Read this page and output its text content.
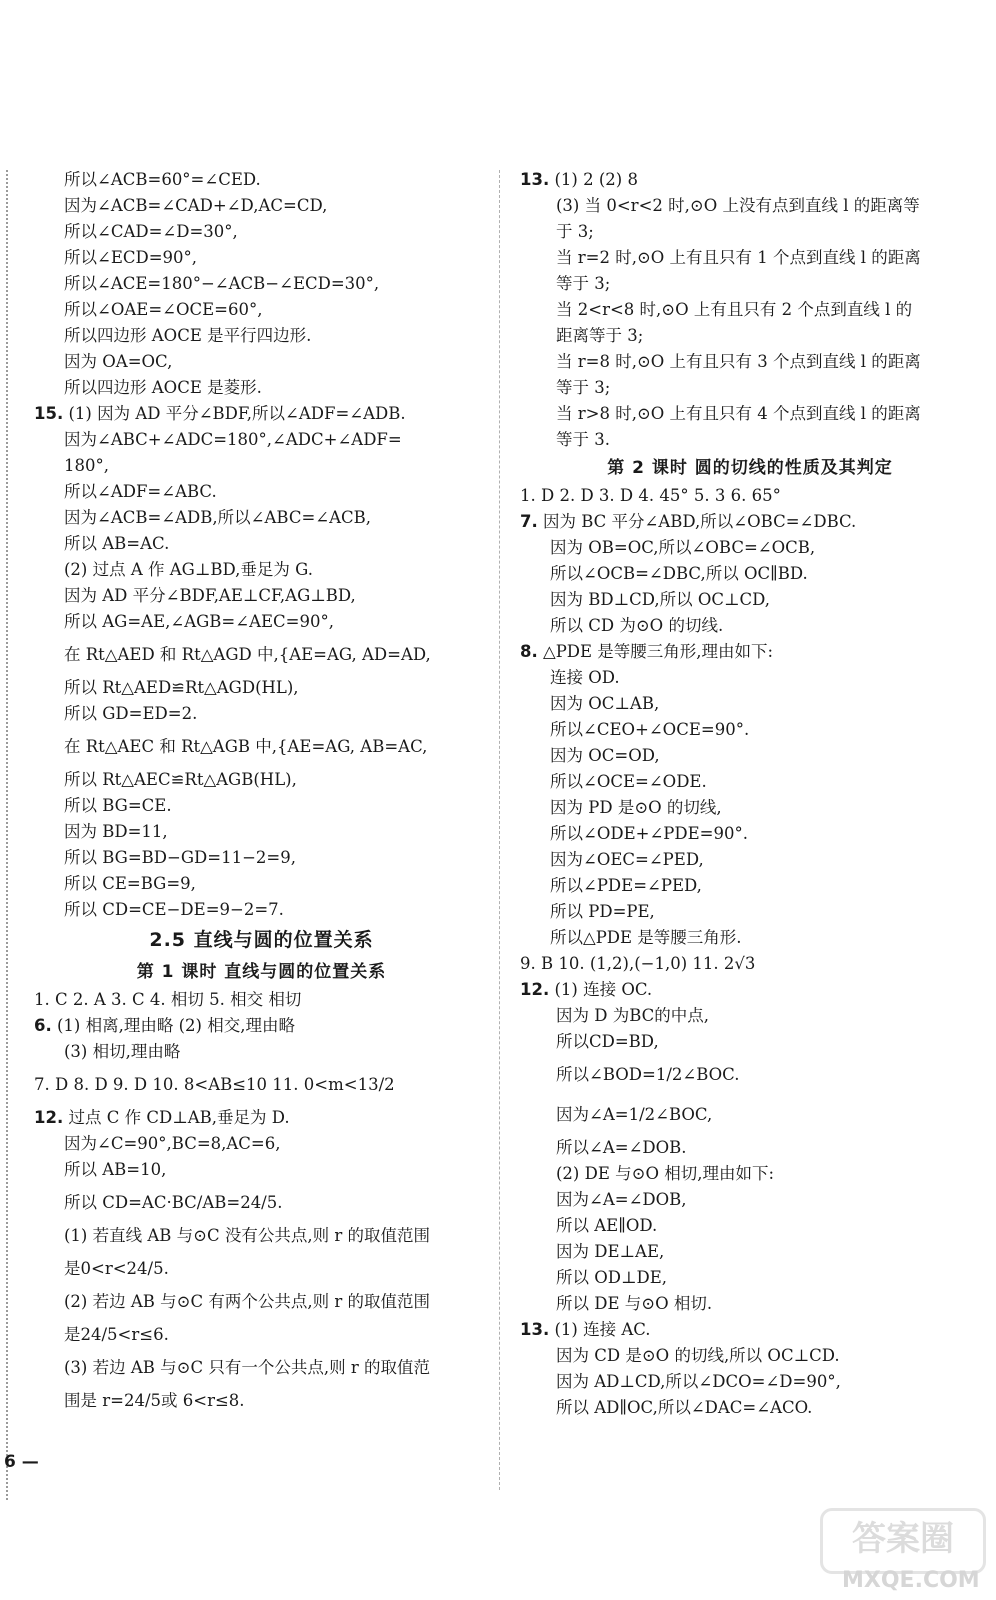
所以∠ACB=60°=∠CED.
因为∠ACB=∠CAD+∠D,AC=CD,
所以∠CAD=∠D=30°,
所以∠ECD=90°,
所以∠ACE=180°−∠ACB−∠ECD=30°,
所以∠OAE=∠OCE=60°,
所以四边形 AOCE 是平行四边形.
因为 OA=OC,
所以四边形 AOCE 是菱形.
15. (1) 因为 AD 平分∠BDF,所以∠ADF=∠ADB.
因为∠ABC+∠ADC=180°,∠ADC+∠ADF=
180°,
所以∠ADF=∠ABC.
因为∠ACB=∠ADB,所以∠ABC=∠ACB,
所以 AB=AC.
(2) 过点 A 作 AG⊥BD,垂足为 G.
因为 AD 平分∠BDF,AE⊥CF,AG⊥BD,
所以 AG=AE,∠AGB=∠AEC=90°,
在 Rt△AED 和 Rt△AGD 中,{AE=AG, AD=AD,
所以 Rt△AED≌Rt△AGD(HL),
所以 GD=ED=2.
在 Rt△AEC 和 Rt△AGB 中,{AE=AG, AB=AC,
所以 Rt△AEC≌Rt△AGB(HL),
所以 BG=CE.
因为 BD=11,
所以 BG=BD−GD=11−2=9,
所以 CE=BG=9,
所以 CD=CE−DE=9−2=7.
2.5 直线与圆的位置关系
第 1 课时 直线与圆的位置关系
1. C 2. A 3. C 4. 相切 5. 相交 相切
6. (1) 相离,理由略 (2) 相交,理由略
(3) 相切,理由略
7. D 8. D 9. D 10. 8<AB≤10 11. 0<m<13/2
12. 过点 C 作 CD⊥AB,垂足为 D.
因为∠C=90°,BC=8,AC=6,
所以 AB=10,
所以 CD=AC·BC/AB=24/5.
(1) 若直线 AB 与⊙C 没有公共点,则 r 的取值范围
是0<r<24/5.
(2) 若边 AB 与⊙C 有两个公共点,则 r 的取值范围
是24/5<r≤6.
(3) 若边 AB 与⊙C 只有一个公共点,则 r 的取值范
围是 r=24/5或 6<r≤8.
13. (1) 2 (2) 8
(3) 当 0<r<2 时,⊙O 上没有点到直线 l 的距离等
于 3;
当 r=2 时,⊙O 上有且只有 1 个点到直线 l 的距离
等于 3;
当 2<r<8 时,⊙O 上有且只有 2 个点到直线 l 的
距离等于 3;
当 r=8 时,⊙O 上有且只有 3 个点到直线 l 的距离
等于 3;
当 r>8 时,⊙O 上有且只有 4 个点到直线 l 的距离
等于 3.
第 2 课时 圆的切线的性质及其判定
1. D 2. D 3. D 4. 45° 5. 3 6. 65°
7. 因为 BC 平分∠ABD,所以∠OBC=∠DBC.
因为 OB=OC,所以∠OBC=∠OCB,
所以∠OCB=∠DBC,所以 OC∥BD.
因为 BD⊥CD,所以 OC⊥CD,
所以 CD 为⊙O 的切线.
8. △PDE 是等腰三角形,理由如下:
连接 OD.
因为 OC⊥AB,
所以∠CEO+∠OCE=90°.
因为 OC=OD,
所以∠OCE=∠ODE.
因为 PD 是⊙O 的切线,
所以∠ODE+∠PDE=90°.
因为∠OEC=∠PED,
所以∠PDE=∠PED,
所以 PD=PE,
所以△PDE 是等腰三角形.
9. B 10. (1,2),(−1,0) 11. 2√3
12. (1) 连接 OC.
因为 D 为BC的中点,
所以CD=BD,
所以∠BOD=1/2∠BOC.
因为∠A=1/2∠BOC,
所以∠A=∠DOB.
(2) DE 与⊙O 相切,理由如下:
因为∠A=∠DOB,
所以 AE∥OD.
因为 DE⊥AE,
所以 OD⊥DE,
所以 DE 与⊙O 相切.
13. (1) 连接 AC.
因为 CD 是⊙O 的切线,所以 OC⊥CD.
因为 AD⊥CD,所以∠DCO=∠D=90°,
所以 AD∥OC,所以∠DAC=∠ACO.
6 —
答案圈
MXQE.COM
